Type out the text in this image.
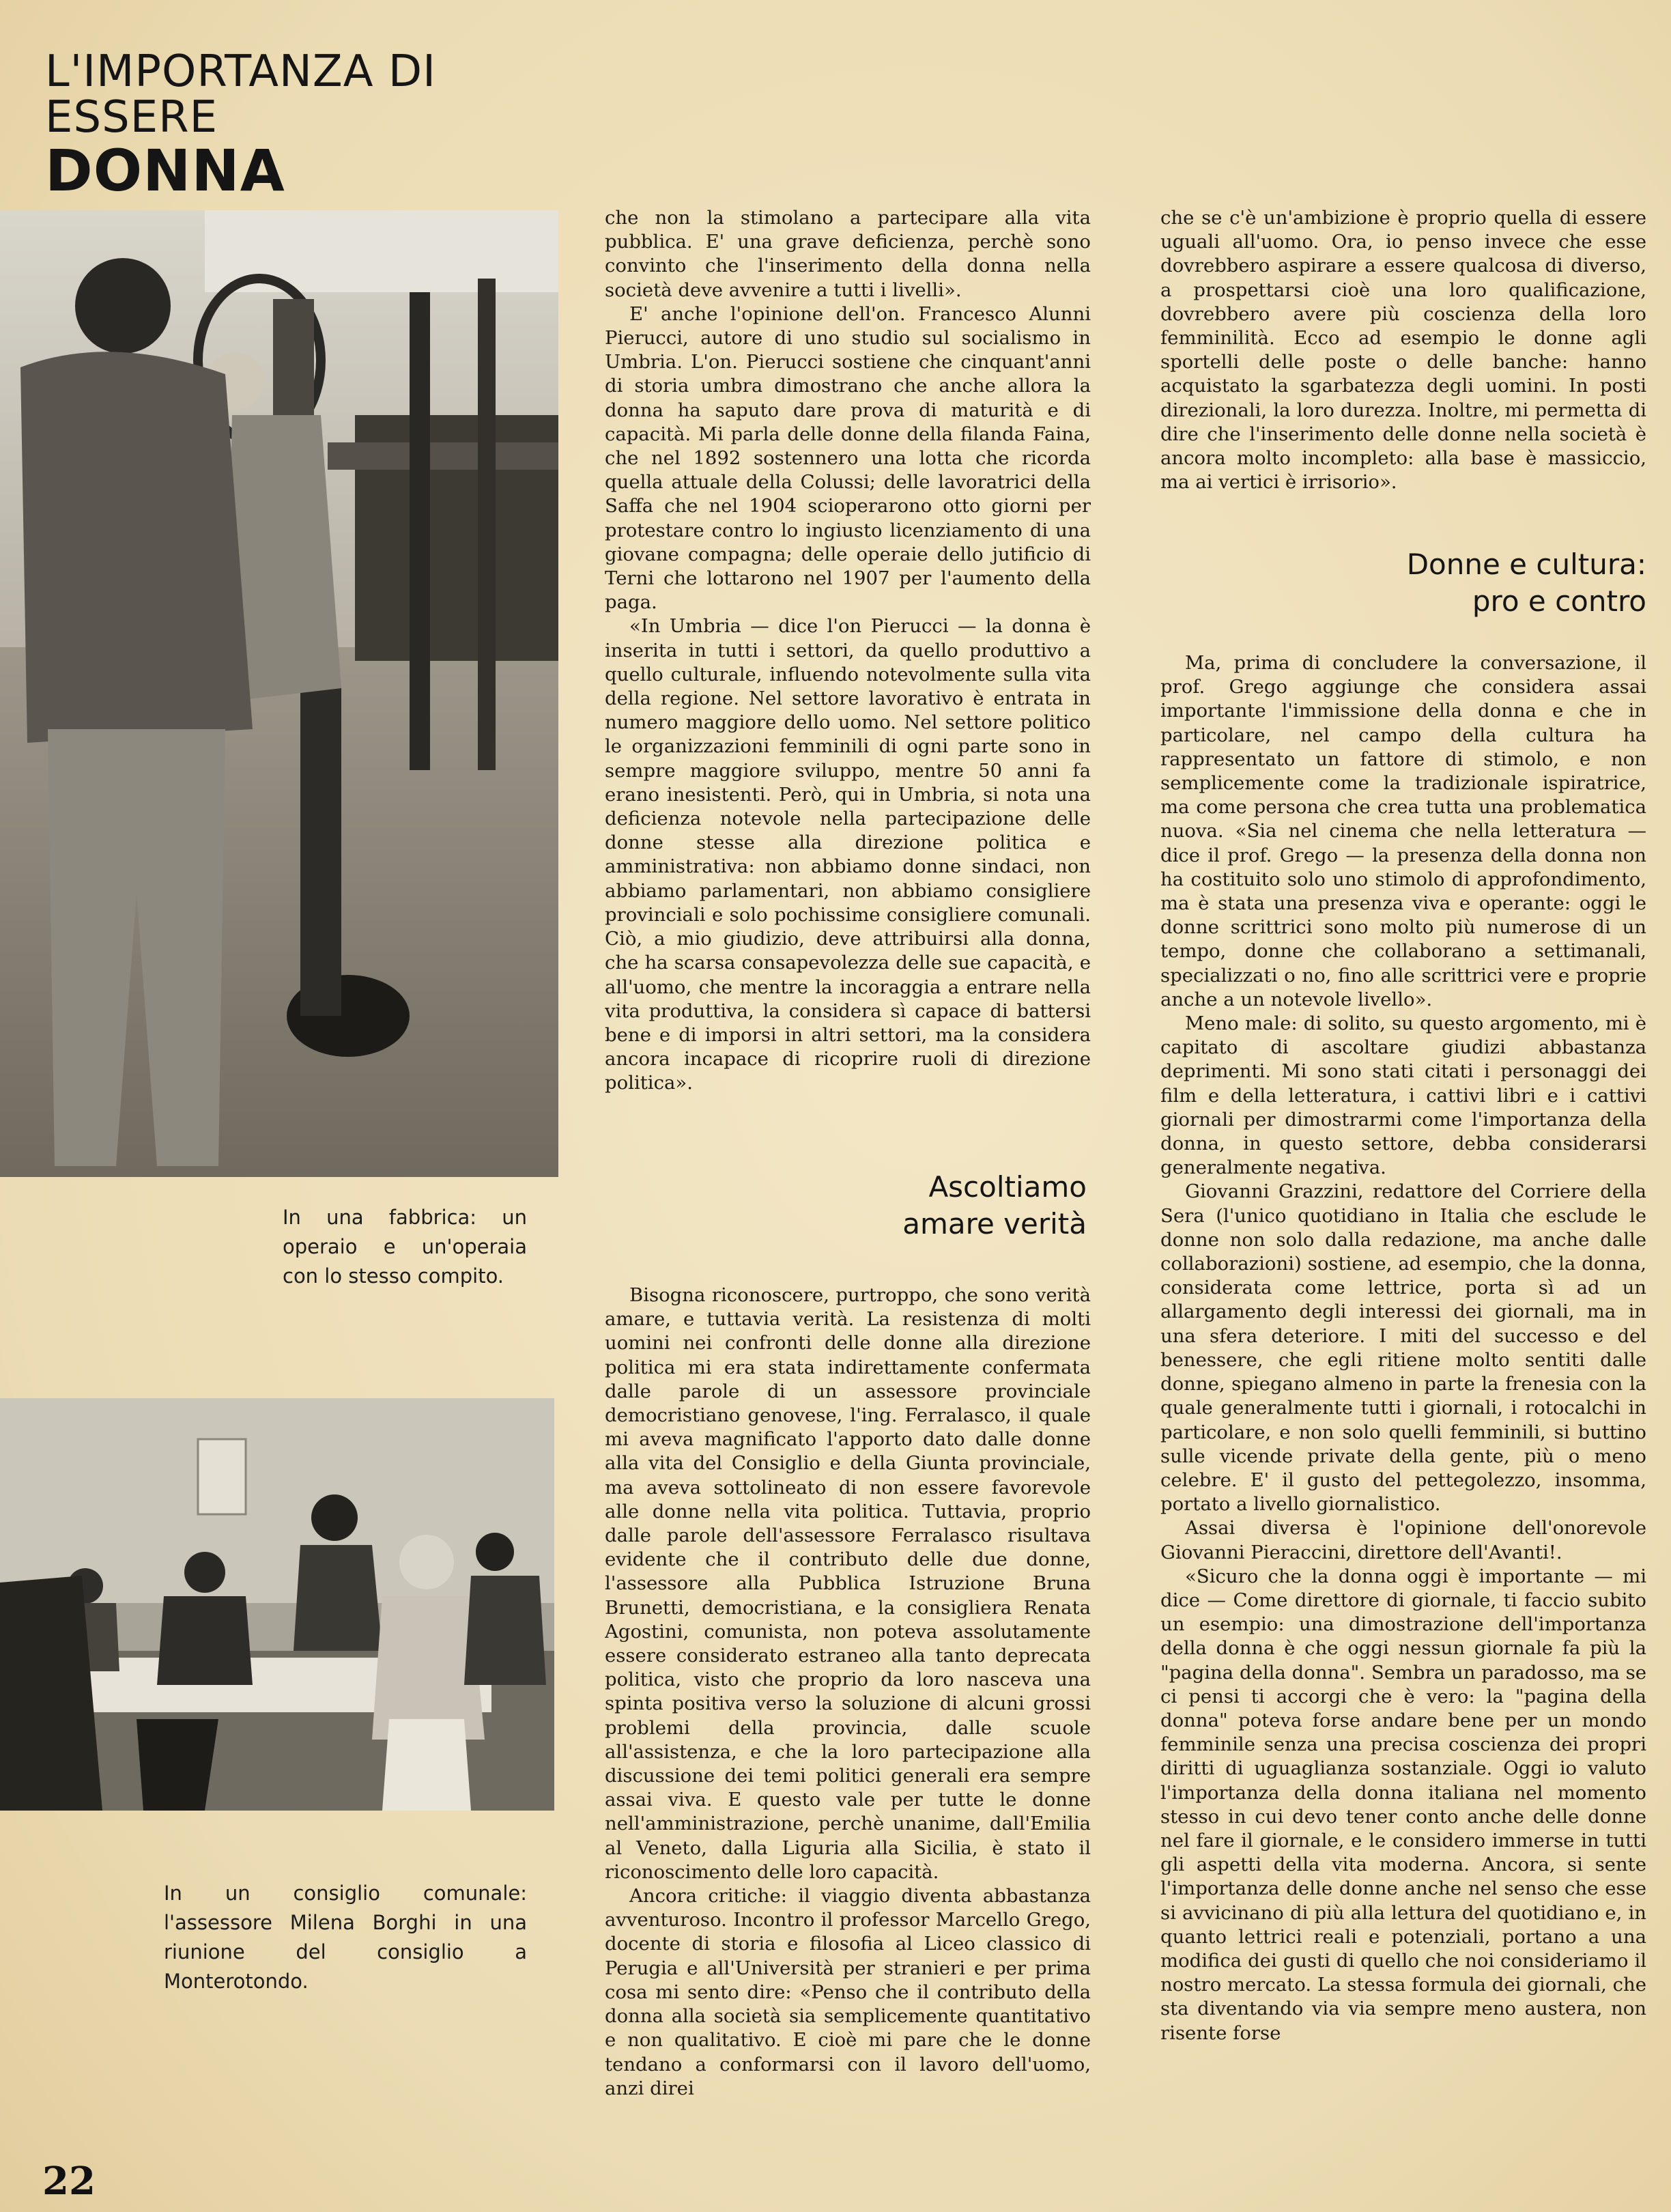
L'IMPORTANZA DI
ESSERE DONNA
In una fabbrica: un operaio e un'operaia con lo stesso compito.
In un consiglio comunale: l'assessore Milena Borghi in una riunione del consiglio a Monterotondo.

che non la stimolano a partecipare alla vita pubblica. E' una grave deficienza, perchè sono convinto che l'inserimento della donna nella società deve avvenire a tutti i livelli».

E' anche l'opinione dell'on. Francesco Alunni Pierucci, autore di uno studio sul socialismo in Umbria. L'on. Pierucci sostiene che cinquant'anni di storia umbra dimostrano che anche allora la donna ha saputo dare prova di maturità e di capacità. Mi parla delle donne della filanda Faina, che nel 1892 sostennero una lotta che ricorda quella attuale della Colussi; delle lavoratrici della Saffa che nel 1904 scioperarono otto giorni per protestare contro lo ingiusto licenziamento di una giovane compagna; delle operaie dello jutificio di Terni che lottarono nel 1907 per l'aumento della paga.

«In Umbria — dice l'on Pierucci — la donna è inserita in tutti i settori, da quello produttivo a quello culturale, influendo notevolmente sulla vita della regione. Nel settore lavorativo è entrata in numero maggiore dello uomo. Nel settore politico le organizzazioni femminili di ogni parte sono in sempre maggiore sviluppo, mentre 50 anni fa erano inesistenti. Però, qui in Umbria, si nota una deficienza notevole nella partecipazione delle donne stesse alla direzione politica e amministrativa: non abbiamo donne sindaci, non abbiamo parlamentari, non abbiamo consigliere provinciali e solo pochissime consigliere comunali. Ciò, a mio giudizio, deve attribuirsi alla donna, che ha scarsa consapevolezza delle sue capacità, e all'uomo, che mentre la incoraggia a entrare nella vita produttiva, la considera sì capace di battersi bene e di imporsi in altri settori, ma la considera ancora incapace di ricoprire ruoli di direzione politica».

Ascoltiamo
amare verità

Bisogna riconoscere, purtroppo, che sono verità amare, e tuttavia verità. La resistenza di molti uomini nei confronti delle donne alla direzione politica mi era stata indirettamente confermata dalle parole di un assessore provinciale democristiano genovese, l'ing. Ferralasco, il quale mi aveva magnificato l'apporto dato dalle donne alla vita del Consiglio e della Giunta provinciale, ma aveva sottolineato di non essere favorevole alle donne nella vita politica. Tuttavia, proprio dalle parole dell'assessore Ferralasco risultava evidente che il contributo delle due donne, l'assessore alla Pubblica Istruzione Bruna Brunetti, democristiana, e la consigliera Renata Agostini, comunista, non poteva assolutamente essere considerato estraneo alla tanto deprecata politica, visto che proprio da loro nasceva una spinta positiva verso la soluzione di alcuni grossi problemi della provincia, dalle scuole all'assistenza, e che la loro partecipazione alla discussione dei temi politici generali era sempre assai viva. E questo vale per tutte le donne nell'amministrazione, perchè unanime, dall'Emilia al Veneto, dalla Liguria alla Sicilia, è stato il riconoscimento delle loro capacità.

Ancora critiche: il viaggio diventa abbastanza avventuroso. Incontro il professor Marcello Grego, docente di storia e filosofia al Liceo classico di Perugia e all'Università per stranieri e per prima cosa mi sento dire: «Penso che il contributo della donna alla società sia semplicemente quantitativo e non qualitativo. E cioè mi pare che le donne tendano a conformarsi con il lavoro dell'uomo, anzi direi

che se c'è un'ambizione è proprio quella di essere uguali all'uomo. Ora, io penso invece che esse dovrebbero aspirare a essere qualcosa di diverso, a prospettarsi cioè una loro qualificazione, dovrebbero avere più coscienza della loro femminilità. Ecco ad esempio le donne agli sportelli delle poste o delle banche: hanno acquistato la sgarbatezza degli uomini. In posti direzionali, la loro durezza. Inoltre, mi permetta di dire che l'inserimento delle donne nella società è ancora molto incompleto: alla base è massiccio, ma ai vertici è irrisorio».

Donne e cultura:
pro e contro

Ma, prima di concludere la conversazione, il prof. Grego aggiunge che considera assai importante l'immissione della donna e che in particolare, nel campo della cultura ha rappresentato un fattore di stimolo, e non semplicemente come la tradizionale ispiratrice, ma come persona che crea tutta una problematica nuova. «Sia nel cinema che nella letteratura — dice il prof. Grego — la presenza della donna non ha costituito solo uno stimolo di approfondimento, ma è stata una presenza viva e operante: oggi le donne scrittrici sono molto più numerose di un tempo, donne che collaborano a settimanali, specializzati o no, fino alle scrittrici vere e proprie anche a un notevole livello».

Meno male: di solito, su questo argomento, mi è capitato di ascoltare giudizi abbastanza deprimenti. Mi sono stati citati i personaggi dei film e della letteratura, i cattivi libri e i cattivi giornali per dimostrarmi come l'importanza della donna, in questo settore, debba considerarsi generalmente negativa.

Giovanni Grazzini, redattore del Corriere della Sera (l'unico quotidiano in Italia che esclude le donne non solo dalla redazione, ma anche dalle collaborazioni) sostiene, ad esempio, che la donna, considerata come lettrice, porta sì ad un allargamento degli interessi dei giornali, ma in una sfera deteriore. I miti del successo e del benessere, che egli ritiene molto sentiti dalle donne, spiegano almeno in parte la frenesia con la quale generalmente tutti i giornali, i rotocalchi in particolare, e non solo quelli femminili, si buttino sulle vicende private della gente, più o meno celebre. E' il gusto del pettegolezzo, insomma, portato a livello giornalistico.

Assai diversa è l'opinione dell'onorevole Giovanni Pieraccini, direttore dell'Avanti!.

«Sicuro che la donna oggi è importante — mi dice — Come direttore di giornale, ti faccio subito un esempio: una dimostrazione dell'importanza della donna è che oggi nessun giornale fa più la "pagina della donna". Sembra un paradosso, ma se ci pensi ti accorgi che è vero: la "pagina della donna" poteva forse andare bene per un mondo femminile senza una precisa coscienza dei propri diritti di uguaglianza sostanziale. Oggi io valuto l'importanza della donna italiana nel momento stesso in cui devo tener conto anche delle donne nel fare il giornale, e le considero immerse in tutti gli aspetti della vita moderna. Ancora, si sente l'importanza delle donne anche nel senso che esse si avvicinano di più alla lettura del quotidiano e, in quanto lettrici reali e potenziali, portano a una modifica dei gusti di quello che noi consideriamo il nostro mercato. La stessa formula dei giornali, che sta diventando via via sempre meno austera, non risente forse

22
